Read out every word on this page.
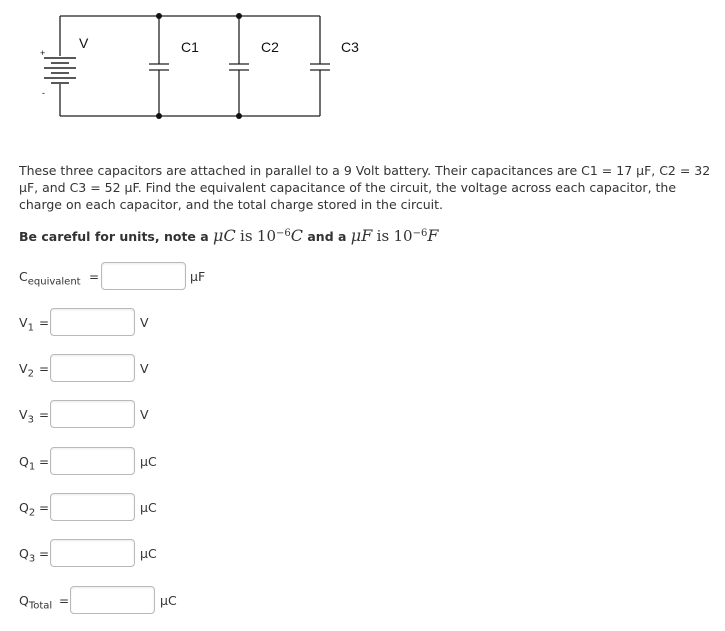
V
+
-
C1	C2	C3
These three capacitors are attached in parallel to a 9 Volt battery. Their capacitances are C1 = 17 μF, C2 = 32 μF, and C3 = 52 μF. Find the equivalent capacitance of the circuit, the voltage across each capacitor, the charge on each capacitor, and the total charge stored in the circuit.
Be careful for units, note a μC is $10^{-6}C$ and a μF is $10^{-6}F$
$C_{equivalent}$ =	μF
$V_1$ =	V
$V_2$ =	V
$V_3$ =	V
$Q_1$ =	μC
$Q_2$ =	μC
$Q_3$ =	μC
$Q_{Total}$ =	μC
